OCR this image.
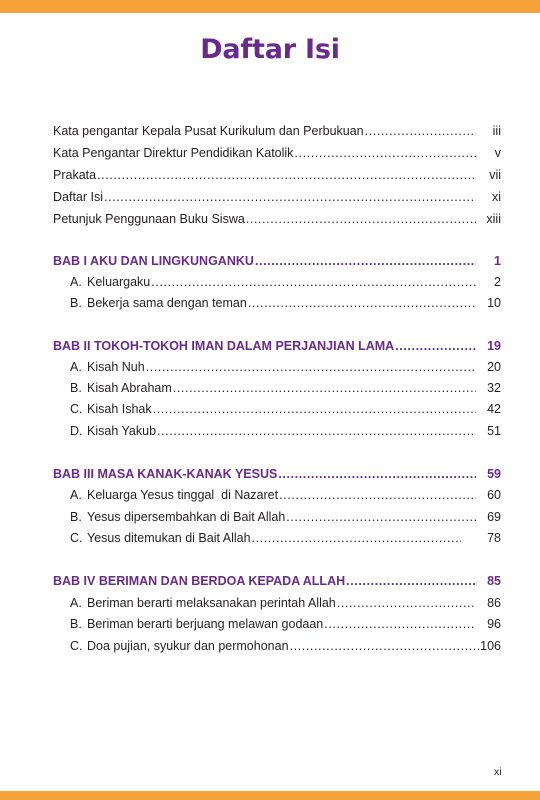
Daftar Isi
Kata pengantar Kepala Pusat Kurikulum dan Perbukuan .....	iii
Kata Pengantar Direktur Pendidikan Katolik .....	v
Prakata .....	vii
Daftar Isi .....	xi
Petunjuk Penggunaan Buku Siswa .....	xiii
BAB I AKU DAN LINGKUNGANKU .....	1
A. Keluargaku .....	2
B. Bekerja sama dengan teman .....	10
BAB II TOKOH-TOKOH IMAN DALAM PERJANJIAN LAMA .....	19
A. Kisah Nuh .....	20
B. Kisah Abraham .....	32
C. Kisah Ishak .....	42
D. Kisah Yakub .....	51
BAB III MASA KANAK-KANAK YESUS .....	59
A. Keluarga Yesus tinggal  di Nazaret .....	60
B. Yesus dipersembahkan di Bait Allah .....	69
C. Yesus ditemukan di Bait Allah .....	78
BAB IV BERIMAN DAN BERDOA KEPADA ALLAH .....	85
A. Beriman berarti melaksanakan perintah Allah .....	86
B. Beriman berarti berjuang melawan godaan .....	96
C. Doa pujian, syukur dan permohonan .....	106
xi
